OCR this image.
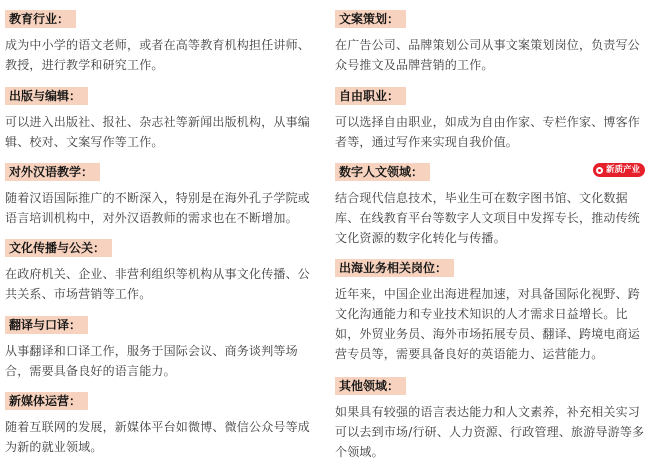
教育行业：

成为中小学的语文老师，或者在高等教育机构担任讲师、教授，进行教学和研究工作。

出版与编辑：

可以进入出版社、报社、杂志社等新闻出版机构，从事编辑、校对、文案写作等工作。

对外汉语教学：

随着汉语国际推广的不断深入，特别是在海外孔子学院或语言培训机构中，对外汉语教师的需求也在不断增加。

文化传播与公关：

在政府机关、企业、非营利组织等机构从事文化传播、公共关系、市场营销等工作。

翻译与口译：

从事翻译和口译工作，服务于国际会议、商务谈判等场合，需要具备良好的语言能力。

新媒体运营：

随着互联网的发展，新媒体平台如微博、微信公众号等成为新的就业领域。

文案策划：

在广告公司、品牌策划公司从事文案策划岗位，负责写公众号推文及品牌营销的工作。

自由职业：

可以选择自由职业，如成为自由作家、专栏作家、博客作者等，通过写作来实现自我价值。

数字人文领域：	新质产业

结合现代信息技术，毕业生可在数字图书馆、文化数据库、在线教育平台等数字人文项目中发挥专长，推动传统文化资源的数字化转化与传播。

出海业务相关岗位：

近年来，中国企业出海进程加速，对具备国际化视野、跨文化沟通能力和专业技术知识的人才需求日益增长。比如，外贸业务员、海外市场拓展专员、翻译、跨境电商运营专员等，需要具备良好的英语能力、运营能力。

其他领域：

如果具有较强的语言表达能力和人文素养，补充相关实习可以去到市场/行研、人力资源、行政管理、旅游导游等多个领域。
